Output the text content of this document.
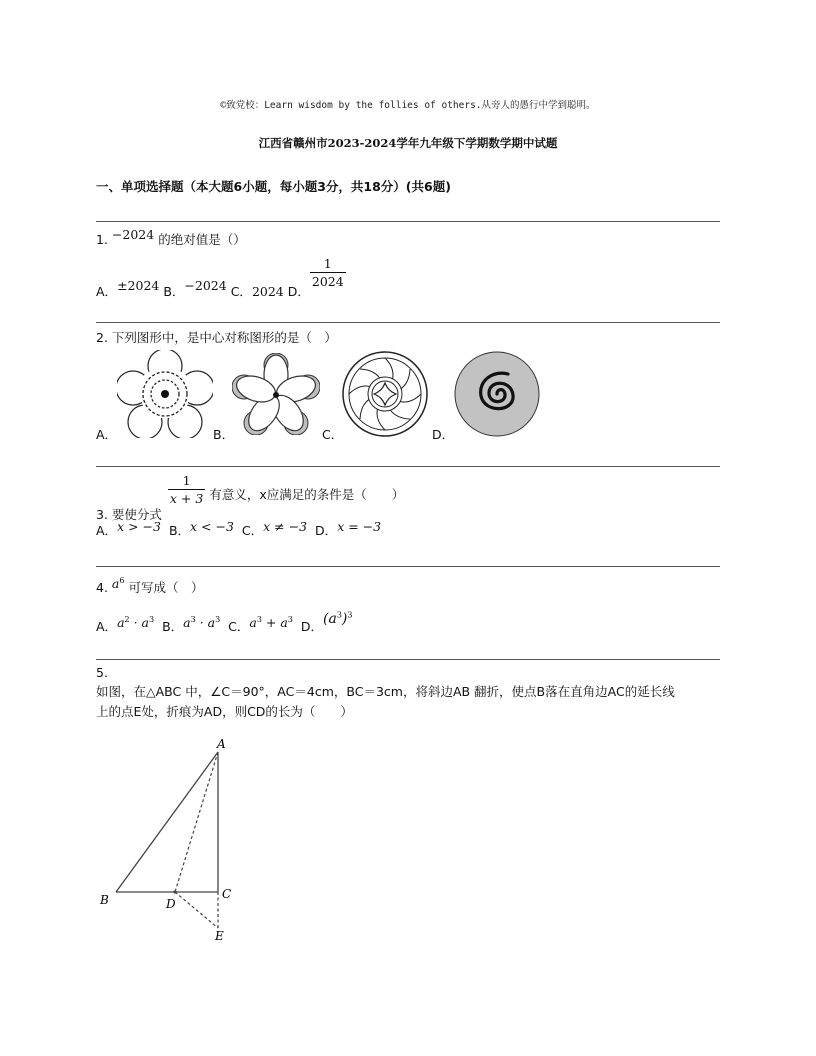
©致党校：Learn wisdom by the follies of others.从旁人的愚行中学到聪明。
江西省赣州市2023-2024学年九年级下学期数学期中试题
一、单项选择题（本大题6小题，每小题3分，共18分）(共6题)
1. −2024 的绝对值是（）
A．±2024 B．−2024 C．2024 D．
$\frac{1}{2024}$
2. 下列图形中，是中心对称图形的是（　）
A．	B．	C．	D．
3. 要使分式
$\frac{1}{x + 3}$ 有意义，x应满足的条件是（　　）
A．x > −3 B．x < −3 C．x ≠ −3 D．x = −3
4. $a^6$ 可写成（　）
A．$a^2 \cdot a^3$ B．$a^3 \cdot a^3$ C．$a^3 + a^3$ D．$(a^3)^3$
5.
如图，在△ABC 中，∠C＝90°，AC＝4cm，BC＝3cm，将斜边AB 翻折，使点B落在直角边AC的延长线
上的点E处，折痕为AD，则CD的长为（　　）
A
B	C
D
E
